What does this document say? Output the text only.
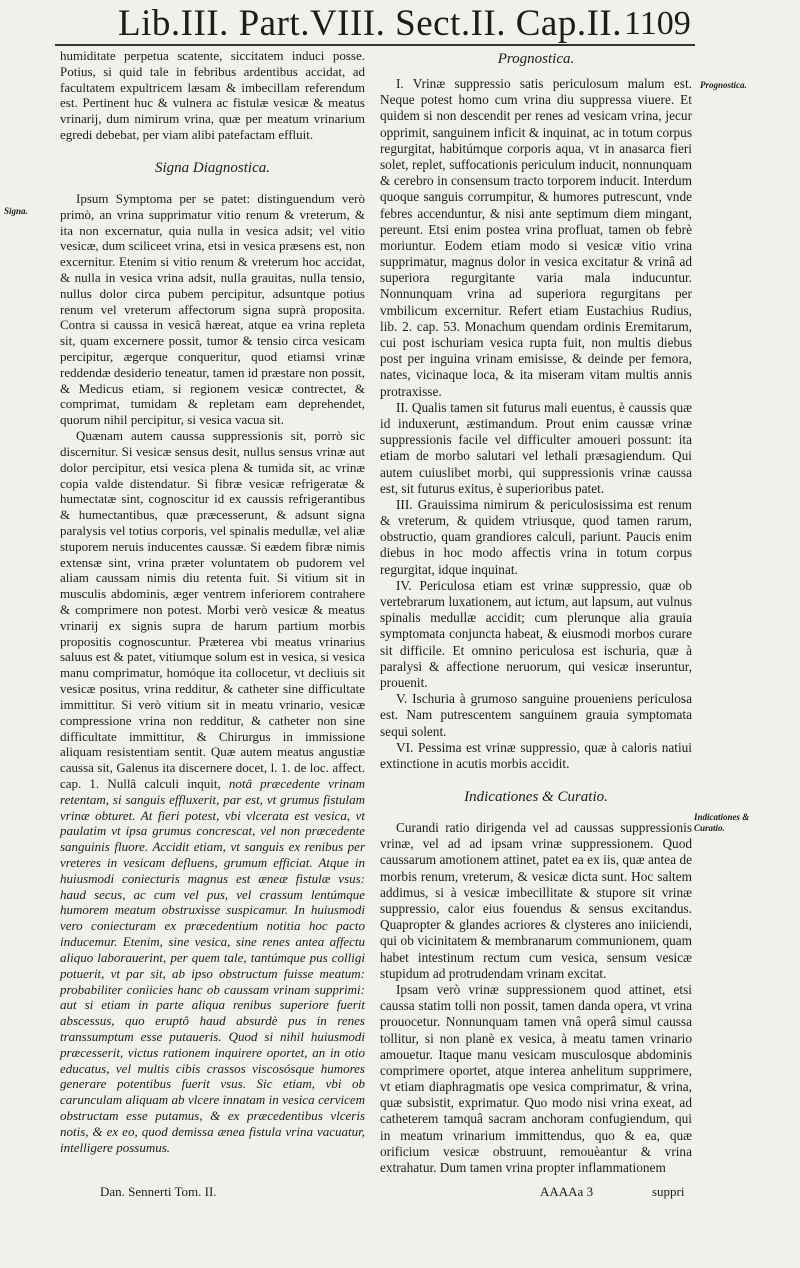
Lib.III. Part.VIII. Sect.II. Cap.II. 1109
Signa.
Prognostica.
Indicationes & Curatio.

humiditate perpetua scatente, siccitatem induci posse. Potius, si quid tale in febribus ardentibus accidat, ad facultatem expultricem læsam & imbecillam referendum est. Pertinent huc & vulnera ac fistulæ vesicæ & meatus vrinarij, dum nimirum vrina, quæ per meatum vrinarium egredi debebat, per viam alibi patefactam effluit.

Signa Diagnostica.

Ipsum Symptoma per se patet: distinguendum verò primò, an vrina supprimatur vitio renum & vreterum, & ita non excernatur, quia nulla in vesica adsit; vel vitio vesicæ, dum sciliceet vrina, etsi in vesica præsens est, non excernitur. Etenim si vitio renum & vreterum hoc accidat, & nulla in vesica vrina adsit, nulla grauitas, nulla tensio, nullus dolor circa pubem percipitur, adsuntque potius renum vel vreterum affectorum signa suprà proposita. Contra si caussa in vesicâ hæreat, atque ea vrina repleta sit, quam excernere possit, tumor & tensio circa vesicam percipitur, ægerque conqueritur, quod etiamsi vrinæ reddendæ desiderio teneatur, tamen id præstare non possit, & Medicus etiam, si regionem vesicæ contrectet, & comprimat, tumidam & repletam eam deprehendet, quorum nihil percipitur, si vesica vacua sit.

Quænam autem caussa suppressionis sit, porrò sic discernitur. Si vesicæ sensus desit, nullus sensus vrinæ aut dolor percipitur, etsi vesica plena & tumida sit, ac vrinæ copia valde distendatur. Si fibræ vesicæ refrigeratæ & humectatæ sint, cognoscitur id ex caussis refrigerantibus & humectantibus, quæ præcesserunt, & adsunt signa paralysis vel totius corporis, vel spinalis medullæ, vel aliæ stuporem neruis inducentes caussæ. Si eædem fibræ nimis extensæ sint, vrina præter voluntatem ob pudorem vel aliam caussam nimis diu retenta fuit. Si vitium sit in musculis abdominis, æger ventrem inferiorem contrahere & comprimere non potest. Morbi verò vesicæ & meatus vrinarij ex signis supra de harum partium morbis propositis cognoscuntur. Præterea vbi meatus vrinarius saluus est & patet, vitiumque solum est in vesica, si vesica manu comprimatur, homóque ita collocetur, vt decliuis sit vesicæ positus, vrina redditur, & catheter sine difficultate immittitur. Si verò vitium sit in meatu vrinario, vesicæ compressione vrina non redditur, & catheter non sine difficultate immittitur, & Chirurgus in immissione aliquam resistentiam sentit. Quæ autem meatus angustiæ caussa sit, Galenus ita discernere docet, l. 1. de loc. affect. cap. 1. Nullâ calculi inquit, notâ præcedente vrinam retentam, si sanguis effluxerit, par est, vt grumus fistulam vrinæ obturet. At fieri potest, vbi vlcerata est vesica, vt paulatim vt ipsa grumus concrescat, vel non præcedente sanguinis fluore. Accidit etiam, vt sanguis ex renibus per vreteres in vesicam defluens, grumum efficiat. Atque in huiusmodi coniecturis magnus est æneæ fistulæ vsus: haud secus, ac cum vel pus, vel crassum lentúmque humorem meatum obstruxisse suspicamur. In huiusmodi vero coniecturam ex præcedentium notitia hoc pacto inducemur. Etenim, sine vesica, sine renes antea affectu aliquo laborauerint, per quem tale, tantúmque pus colligi potuerit, vt par sit, ab ipso obstructum fuisse meatum: probabiliter coniicies hanc ob caussam vrinam supprimi: aut si etiam in parte aliqua renibus superiore fuerit abscessus, quo eruptô haud absurdè pus in renes transsumptum esse putaueris. Quod si nihil huiusmodi præcesserit, victus rationem inquirere oportet, an in otio educatus, vel multis cibis crassos viscosósque humores generare potentibus fuerit vsus. Sic etiam, vbi ob carunculam aliquam ab vlcere innatam in vesica cervicem obstructam esse putamus, & ex præcedentibus vlceris notis, & ex eo, quod demissa ænea fistula vrina vacuatur, intelligere possumus.

Prognostica.

I. Vrinæ suppressio satis periculosum malum est. Neque potest homo cum vrina diu suppressa viuere. Et quidem si non descendit per renes ad vesicam vrina, jecur opprimit, sanguinem inficit & inquinat, ac in totum corpus regurgitat, habitúmque corporis aqua, vt in anasarca fieri solet, replet, suffocationis periculum inducit, nonnunquam & cerebro in consensum tracto torporem inducit. Interdum quoque sanguis corrumpitur, & humores putrescunt, vnde febres accenduntur, & nisi ante septimum diem mingant, pereunt. Etsi enim postea vrina profluat, tamen ob febrè moriuntur. Eodem etiam modo si vesicæ vitio vrina supprimatur, magnus dolor in vesica excitatur & vrinâ ad superiora regurgitante varia mala inducuntur. Nonnunquam vrina ad superiora regurgitans per vmbilicum excernitur. Refert etiam Eustachius Rudius, lib. 2. cap. 53. Monachum quendam ordinis Eremitarum, cui post ischuriam vesica rupta fuit, non multis diebus post per inguina vrinam emisisse, & deinde per femora, nates, vicinaque loca, & ita miseram vitam multis annis protraxisse.

II. Qualis tamen sit futurus mali euentus, è caussis quæ id induxerunt, æstimandum. Prout enim caussæ vrinæ suppressionis facile vel difficulter amoueri possunt: ita etiam de morbo salutari vel lethali præsagiendum. Qui autem cuiuslibet morbi, qui suppressionis vrinæ caussa est, sit futurus exitus, è superioribus patet.

III. Grauissima nimirum & periculosissima est renum & vreterum, & quidem vtriusque, quod tamen rarum, obstructio, quam grandiores calculi, pariunt. Paucis enim diebus in hoc modo affectis vrina in totum corpus regurgitat, idque inquinat.

IV. Periculosa etiam est vrinæ suppressio, quæ ob vertebrarum luxationem, aut ictum, aut lapsum, aut vulnus spinalis medullæ accidit; cum plerunque alia grauia symptomata conjuncta habeat, & eiusmodi morbos curare sit difficile. Et omnino periculosa est ischuria, quæ à paralysi & affectione neruorum, qui vesicæ inseruntur, prouenit.

V. Ischuria à grumoso sanguine proueniens periculosa est. Nam putrescentem sanguinem grauia symptomata sequi solent.

VI. Pessima est vrinæ suppressio, quæ à caloris natiui extinctione in acutis morbis accidit.

Indicationes & Curatio.

Curandi ratio dirigenda vel ad caussas suppressionis vrinæ, vel ad ad ipsam vrinæ suppressionem. Quod caussarum amotionem attinet, patet ea ex iis, quæ antea de morbis renum, vreterum, & vesicæ dicta sunt. Hoc saltem addimus, si à vesicæ imbecillitate & stupore sit vrinæ suppressio, calor eius fouendus & sensus excitandus. Quapropter & glandes acriores & clysteres ano iniiciendi, qui ob vicinitatem & membranarum communionem, quam habet intestinum rectum cum vesica, sensum vesicæ stupidum ad protrudendam vrinam excitat.

Ipsam verò vrinæ suppressionem quod attinet, etsi caussa statim tolli non possit, tamen danda opera, vt vrina prouocetur. Nonnunquam tamen vnâ operâ simul caussa tollitur, si non planè ex vesica, à meatu tamen vrinario amouetur. Itaque manu vesicam musculosque abdominis comprimere oportet, atque interea anhelitum supprimere, vt etiam diaphragmatis ope vesica comprimatur, & vrina, quæ subsistit, exprimatur. Quo modo nisi vrina exeat, ad catheterem tamquâ sacram anchoram confugiendum, qui in meatum vrinarium immittendus, quo & ea, quæ orificium vesicæ obstruunt, remouèantur & vrina extrahatur. Dum tamen vrina propter inflammationem

Dan. Sennerti Tom. II.	AAAAa 3	suppri
